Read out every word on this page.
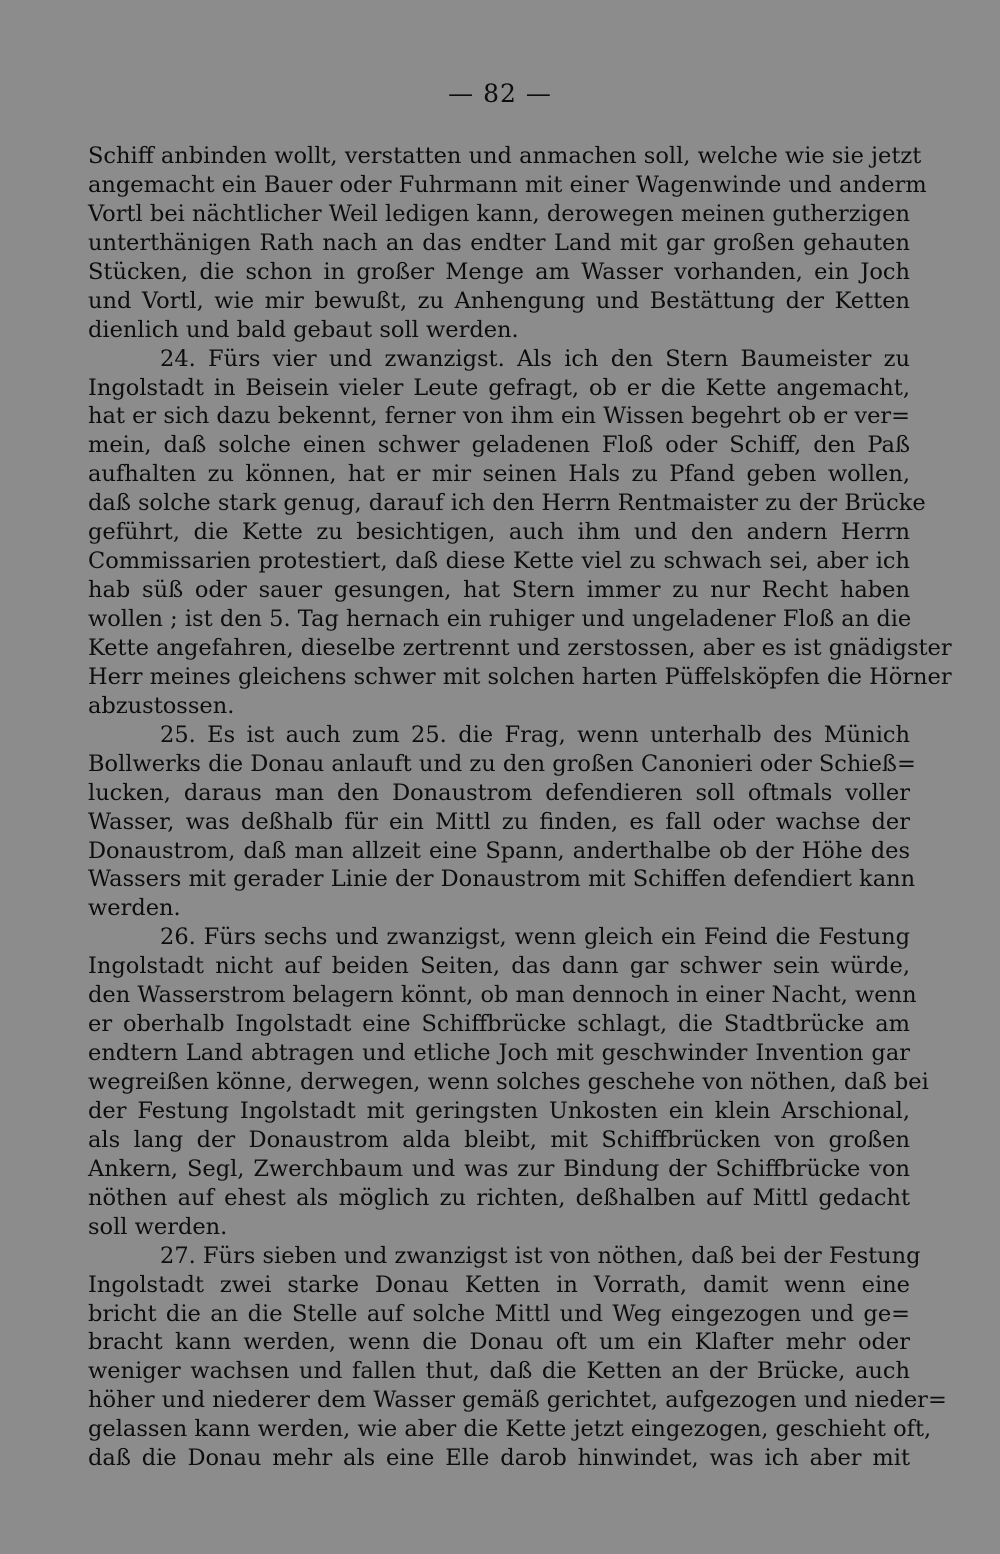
— 82 —
Schiff anbinden wollt, verstatten und anmachen soll, welche wie sie jetzt
angemacht ein Bauer oder Fuhrmann mit einer Wagenwinde und anderm
Vortl bei nächtlicher Weil ledigen kann, derowegen meinen gutherzigen
unterthänigen Rath nach an das endter Land mit gar großen gehauten
Stücken, die schon in großer Menge am Wasser vorhanden, ein Joch
und Vortl, wie mir bewußt, zu Anhengung und Bestättung der Ketten
dienlich und bald gebaut soll werden.
24. Fürs vier und zwanzigst. Als ich den Stern Baumeister zu
Ingolstadt in Beisein vieler Leute gefragt, ob er die Kette angemacht,
hat er sich dazu bekennt, ferner von ihm ein Wissen begehrt ob er ver=
mein, daß solche einen schwer geladenen Floß oder Schiff, den Paß
aufhalten zu können, hat er mir seinen Hals zu Pfand geben wollen,
daß solche stark genug, darauf ich den Herrn Rentmaister zu der Brücke
geführt, die Kette zu besichtigen, auch ihm und den andern Herrn
Commissarien protestiert, daß diese Kette viel zu schwach sei, aber ich
hab süß oder sauer gesungen, hat Stern immer zu nur Recht haben
wollen ; ist den 5. Tag hernach ein ruhiger und ungeladener Floß an die
Kette angefahren, dieselbe zertrennt und zerstossen, aber es ist gnädigster
Herr meines gleichens schwer mit solchen harten Püffelsköpfen die Hörner
abzustossen.
25. Es ist auch zum 25. die Frag, wenn unterhalb des Münich
Bollwerks die Donau anlauft und zu den großen Canonieri oder Schieß=
lucken, daraus man den Donaustrom defendieren soll oftmals voller
Wasser, was deßhalb für ein Mittl zu finden, es fall oder wachse der
Donaustrom, daß man allzeit eine Spann, anderthalbe ob der Höhe des
Wassers mit gerader Linie der Donaustrom mit Schiffen defendiert kann
werden.
26. Fürs sechs und zwanzigst, wenn gleich ein Feind die Festung
Ingolstadt nicht auf beiden Seiten, das dann gar schwer sein würde,
den Wasserstrom belagern könnt, ob man dennoch in einer Nacht, wenn
er oberhalb Ingolstadt eine Schiffbrücke schlagt, die Stadtbrücke am
endtern Land abtragen und etliche Joch mit geschwinder Invention gar
wegreißen könne, derwegen, wenn solches geschehe von nöthen, daß bei
der Festung Ingolstadt mit geringsten Unkosten ein klein Arschional,
als lang der Donaustrom alda bleibt, mit Schiffbrücken von großen
Ankern, Segl, Zwerchbaum und was zur Bindung der Schiffbrücke von
nöthen auf ehest als möglich zu richten, deßhalben auf Mittl gedacht
soll werden.
27. Fürs sieben und zwanzigst ist von nöthen, daß bei der Festung
Ingolstadt zwei starke Donau Ketten in Vorrath, damit wenn eine
bricht die an die Stelle auf solche Mittl und Weg eingezogen und ge=
bracht kann werden, wenn die Donau oft um ein Klafter mehr oder
weniger wachsen und fallen thut, daß die Ketten an der Brücke, auch
höher und niederer dem Wasser gemäß gerichtet, aufgezogen und nieder=
gelassen kann werden, wie aber die Kette jetzt eingezogen, geschieht oft,
daß die Donau mehr als eine Elle darob hinwindet, was ich aber mit
